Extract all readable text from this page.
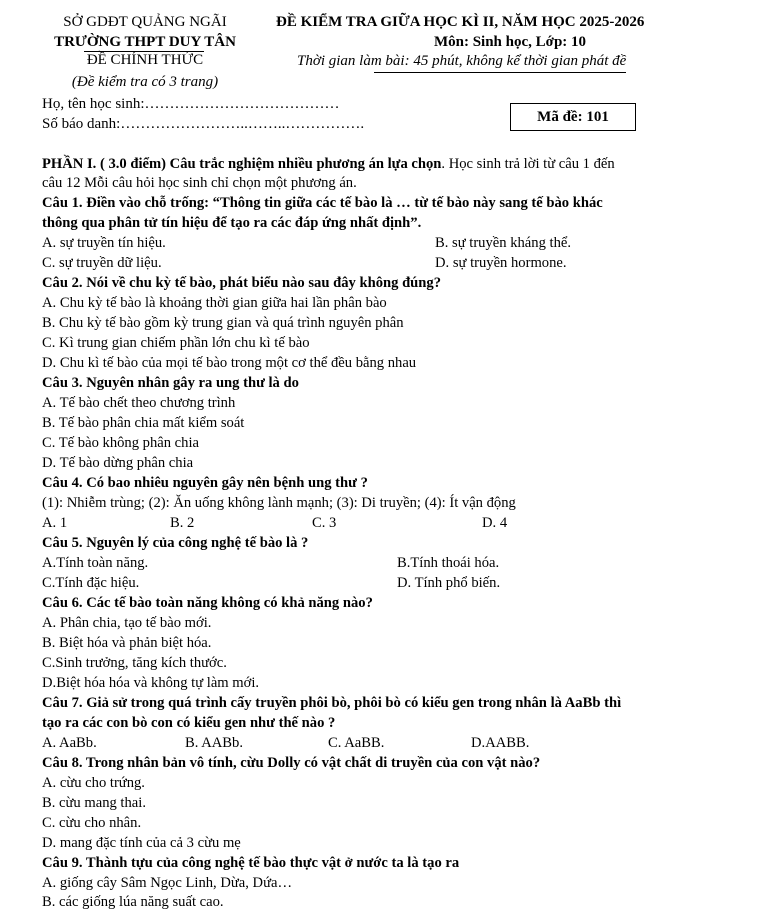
SỞ GDĐT QUẢNG NGÃI
TRƯỜNG THPT DUY TÂN
ĐỀ CHÍNH THỨC
(Đề kiểm tra có 3 trang)
ĐỀ KIỂM TRA GIỮA HỌC KÌ II, NĂM HỌC 2025-2026
Môn: Sinh học, Lớp: 10
Thời gian làm bài: 45 phút, không kể thời gian phát đề
Họ, tên học sinh:…………………………………
Số báo danh:……………………..……..…………….	Mã đề: 101
PHẦN I. ( 3.0 điểm) Câu trắc nghiệm nhiều phương án lựa chọn. Học sinh trả lời từ câu 1 đến
câu 12 Mỗi câu hỏi học sinh chỉ chọn một phương án.
Câu 1. Điền vào chỗ trống: “Thông tin giữa các tế bào là … từ tế bào này sang tế bào khác
thông qua phân tử tín hiệu để tạo ra các đáp ứng nhất định”.
A. sự truyền tín hiệu.	B. sự truyền kháng thể.
C. sự truyền dữ liệu.	D. sự truyền hormone.
Câu 2. Nói về chu kỳ tế bào, phát biểu nào sau đây không đúng?
A. Chu kỳ tế bào là khoảng thời gian giữa hai lần phân bào
B. Chu kỳ tế bào gồm kỳ trung gian và quá trình nguyên phân
C. Kì trung gian chiếm phần lớn chu kì tế bào
D. Chu kì tế bào của mọi tế bào trong một cơ thể đều bằng nhau
Câu 3. Nguyên nhân gây ra ung thư là do
A. Tế bào chết theo chương trình
B. Tế bào phân chia mất kiểm soát
C. Tế bào không phân chia
D. Tế bào dừng phân chia
Câu 4. Có bao nhiêu nguyên gây nên bệnh ung thư ?
(1): Nhiễm trùng; (2): Ăn uống không lành mạnh; (3): Di truyền; (4): Ít vận động
A. 1	B. 2	C. 3	D. 4
Câu 5. Nguyên lý của công nghệ tế bào là ?
A.Tính toàn năng.	B.Tính thoái hóa.
C.Tính đặc hiệu.	D. Tính phổ biến.
Câu 6. Các tế bào toàn năng không có khả năng nào?
A. Phân chia, tạo tế bào mới.
B. Biệt hóa và phản biệt hóa.
C.Sinh trưởng, tăng kích thước.
D.Biệt hóa hóa và không tự làm mới.
Câu 7. Giả sử trong quá trình cấy truyền phôi bò, phôi bò có kiểu gen trong nhân là AaBb thì
tạo ra các con bò con có kiểu gen như thế nào ?
A. AaBb.	B. AABb.	C. AaBB.	D.AABB.
Câu 8. Trong nhân bản vô tính, cừu Dolly có vật chất di truyền của con vật nào?
A. cừu cho trứng.
B. cừu mang thai.
C. cừu cho nhân.
D. mang đặc tính của cả 3 cừu mẹ
Câu 9. Thành tựu của công nghệ tế bào thực vật ở nước ta là tạo ra
A. giống cây Sâm Ngọc Linh, Dừa, Dứa…
B. các giống lúa năng suất cao.
